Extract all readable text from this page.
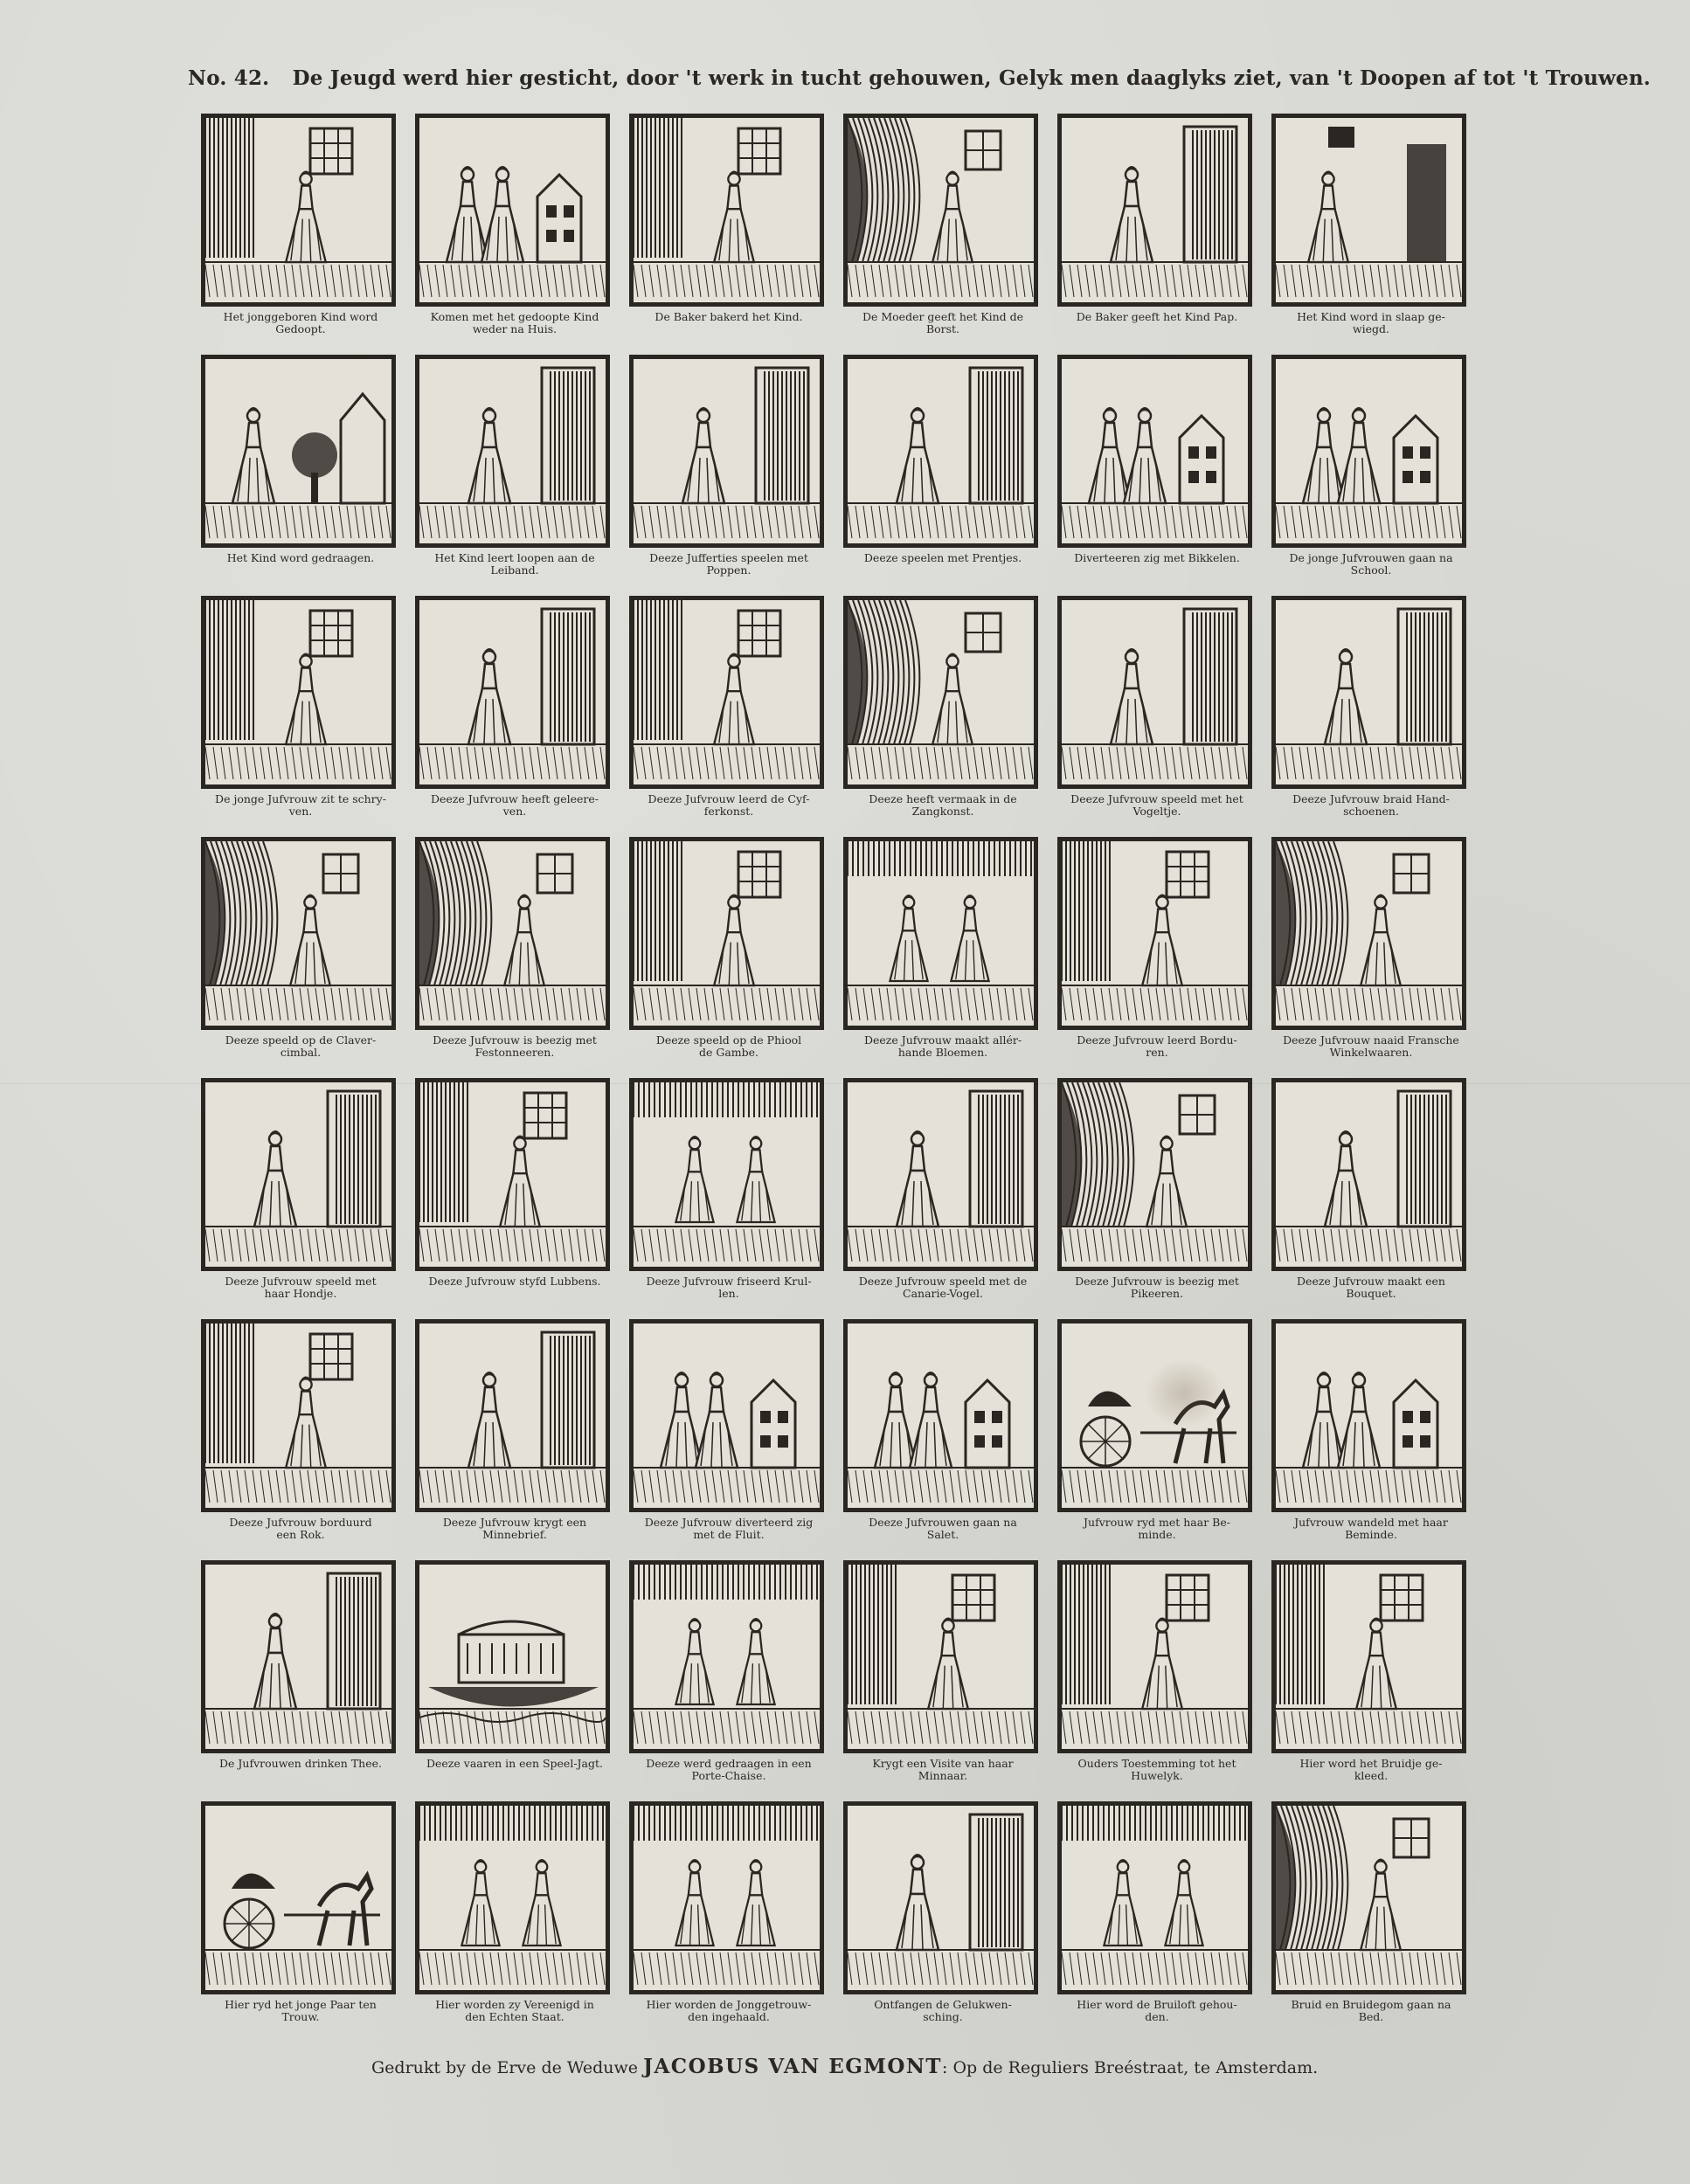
No. 42. De Jeugd werd hier gesticht, door 't werk in tucht gehouwen, Gelyk men daaglyks ziet, van 't Doopen af tot 't Trouwen.
Het jonggeboren Kind word
Gedoopt.
Komen met het gedoopte Kind
weder na Huis.
De Baker bakerd het Kind.	De Moeder geeft het Kind de
Borst.
De Baker geeft het Kind Pap.	Het Kind word in slaap ge-
wiegd.
Het Kind word gedraagen.	Het Kind leert loopen aan de
Leiband.
Deeze Jufferties speelen met
Poppen.
Deeze speelen met Prentjes.	Diverteeren zig met Bikkelen.	De jonge Jufvrouwen gaan na
School.
De jonge Jufvrouw zit te schry-
ven.
Deeze Jufvrouw heeft geleere-
ven.
Deeze Jufvrouw leerd de Cyf-
ferkonst.
Deeze heeft vermaak in de
Zangkonst.
Deeze Jufvrouw speeld met het
Vogeltje.
Deeze Jufvrouw braid Hand-
schoenen.
Deeze speeld op de Claver-
cimbal.
Deeze Jufvrouw is beezig met
Festonneeren.
Deeze speeld op de Phiool
de Gambe.
Deeze Jufvrouw maakt allér-
hande Bloemen.
Deeze Jufvrouw leerd Bordu-
ren.
Deeze Jufvrouw naaid Fransche
Winkelwaaren.
Deeze Jufvrouw speeld met
haar Hondje.
Deeze Jufvrouw styfd Lubbens.	Deeze Jufvrouw friseerd Krul-
len.
Deeze Jufvrouw speeld met de
Canarie-Vogel.
Deeze Jufvrouw is beezig met
Pikeeren.
Deeze Jufvrouw maakt een
Bouquet.
Deeze Jufvrouw borduurd
een Rok.
Deeze Jufvrouw krygt een
Minnebrief.
Deeze Jufvrouw diverteerd zig
met de Fluit.
Deeze Jufvrouwen gaan na
Salet.
Jufvrouw ryd met haar Be-
minde.
Jufvrouw wandeld met haar
Beminde.
De Jufvrouwen drinken Thee.	Deeze vaaren in een Speel-Jagt.	Deeze werd gedraagen in een
Porte-Chaise.
Krygt een Visite van haar
Minnaar.
Ouders Toestemming tot het
Huwelyk.
Hier word het Bruidje ge-
kleed.
Hier ryd het jonge Paar ten
Trouw.
Hier worden zy Vereenigd in
den Echten Staat.
Hier worden de Jonggetrouw-
den ingehaald.
Ontfangen de Gelukwen-
sching.
Hier word de Bruiloft gehou-
den.
Bruid en Bruidegom gaan na
Bed.
Gedrukt by de Erve de Weduwe JACOBUS VAN EGMONT: Op de Reguliers Breéstraat, te Amsterdam.
